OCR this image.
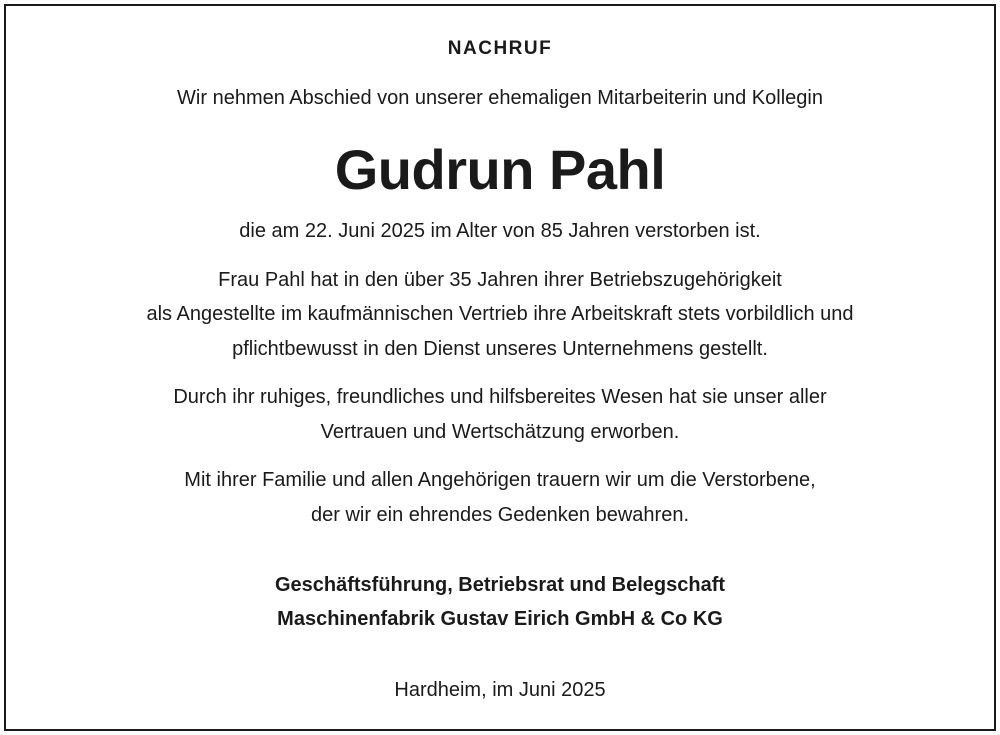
NACHRUF
Wir nehmen Abschied von unserer ehemaligen Mitarbeiterin und Kollegin
Gudrun Pahl
die am 22. Juni 2025 im Alter von 85 Jahren verstorben ist.
Frau Pahl hat in den über 35 Jahren ihrer Betriebszugehörigkeit
als Angestellte im kaufmännischen Vertrieb ihre Arbeitskraft stets vorbildlich und
pflichtbewusst in den Dienst unseres Unternehmens gestellt.
Durch ihr ruhiges, freundliches und hilfsbereites Wesen hat sie unser aller
Vertrauen und Wertschätzung erworben.
Mit ihrer Familie und allen Angehörigen trauern wir um die Verstorbene,
der wir ein ehrendes Gedenken bewahren.
Geschäftsführung, Betriebsrat und Belegschaft
Maschinenfabrik Gustav Eirich GmbH & Co KG
Hardheim, im Juni 2025
